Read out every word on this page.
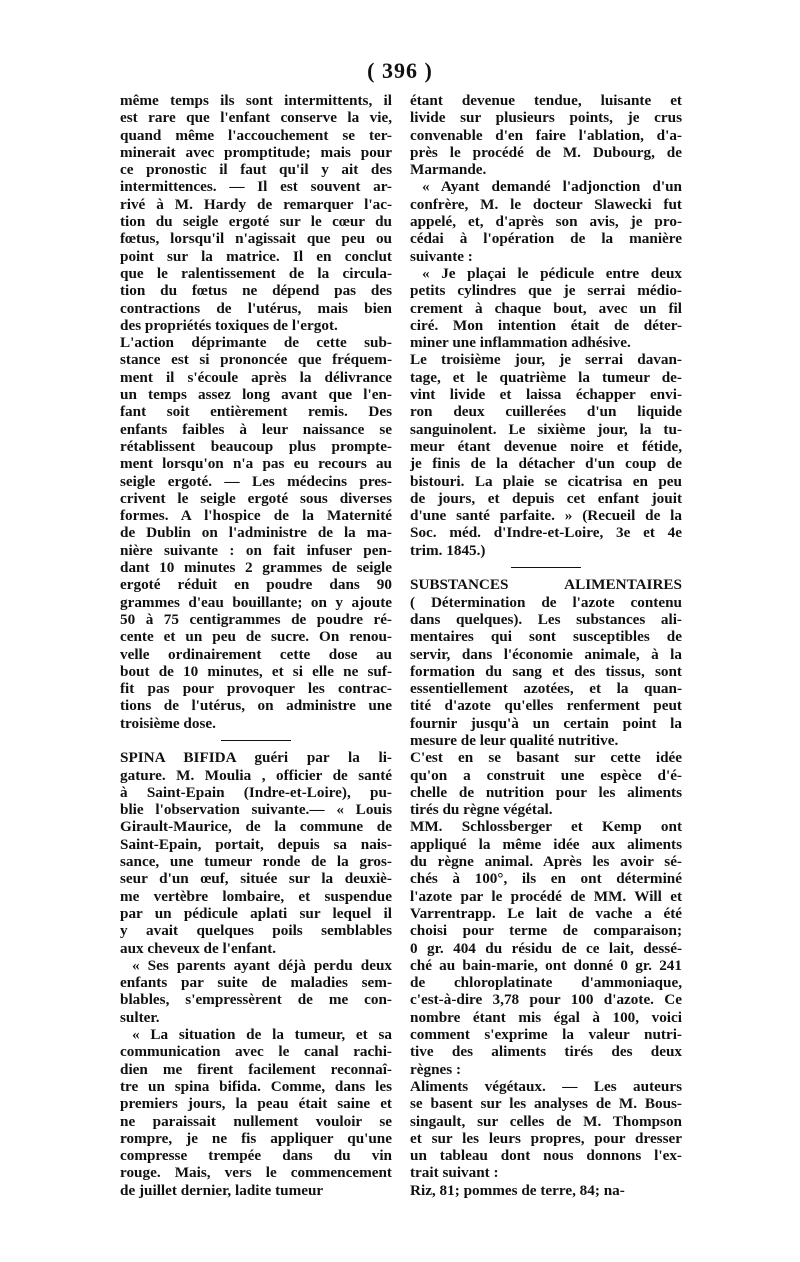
( 396 )
même temps ils sont intermittents, il
est rare que l'enfant conserve la vie,
quand même l'accouchement se ter-
minerait avec promptitude; mais pour
ce pronostic il faut qu'il y ait des
intermittences. — Il est souvent ar-
rivé à M. Hardy de remarquer l'ac-
tion du seigle ergoté sur le cœur du
fœtus, lorsqu'il n'agissait que peu ou
point sur la matrice. Il en conclut
que le ralentissement de la circula-
tion du fœtus ne dépend pas des
contractions de l'utérus, mais bien
des propriétés toxiques de l'ergot.
L'action déprimante de cette sub-
stance est si prononcée que fréquem-
ment il s'écoule après la délivrance
un temps assez long avant que l'en-
fant soit entièrement remis. Des
enfants faibles à leur naissance se
rétablissent beaucoup plus prompte-
ment lorsqu'on n'a pas eu recours au
seigle ergoté. — Les médecins pres-
crivent le seigle ergoté sous diverses
formes. A l'hospice de la Maternité
de Dublin on l'administre de la ma-
nière suivante : on fait infuser pen-
dant 10 minutes 2 grammes de seigle
ergoté réduit en poudre dans 90
grammes d'eau bouillante; on y ajoute
50 à 75 centigrammes de poudre ré-
cente et un peu de sucre. On renou-
velle ordinairement cette dose au
bout de 10 minutes, et si elle ne suf-
fit pas pour provoquer les contrac-
tions de l'utérus, on administre une
troisième dose.
SPINA BIFIDA guéri par la li-
gature. M. Moulia , officier de santé
à Saint-Epain (Indre-et-Loire), pu-
blie l'observation suivante.— « Louis
Girault-Maurice, de la commune de
Saint-Epain, portait, depuis sa nais-
sance, une tumeur ronde de la gros-
seur d'un œuf, située sur la deuxiè-
me vertèbre lombaire, et suspendue
par un pédicule aplati sur lequel il
y avait quelques poils semblables
aux cheveux de l'enfant.
« Ses parents ayant déjà perdu deux
enfants par suite de maladies sem-
blables, s'empressèrent de me con-
sulter.
« La situation de la tumeur, et sa
communication avec le canal rachi-
dien me firent facilement reconnaî-
tre un spina bifida. Comme, dans les
premiers jours, la peau était saine et
ne paraissait nullement vouloir se
rompre, je ne fis appliquer qu'une
compresse trempée dans du vin
rouge. Mais, vers le commencement
de juillet dernier, ladite tumeur
étant devenue tendue, luisante et
livide sur plusieurs points, je crus
convenable d'en faire l'ablation, d'a-
près le procédé de M. Dubourg, de
Marmande.
« Ayant demandé l'adjonction d'un
confrère, M. le docteur Slawecki fut
appelé, et, d'après son avis, je pro-
cédai à l'opération de la manière
suivante :
« Je plaçai le pédicule entre deux
petits cylindres que je serrai médio-
crement à chaque bout, avec un fil
ciré. Mon intention était de déter-
miner une inflammation adhésive.
Le troisième jour, je serrai davan-
tage, et le quatrième la tumeur de-
vint livide et laissa échapper envi-
ron deux cuillerées d'un liquide
sanguinolent. Le sixième jour, la tu-
meur étant devenue noire et fétide,
je finis de la détacher d'un coup de
bistouri. La plaie se cicatrisa en peu
de jours, et depuis cet enfant jouit
d'une santé parfaite. » (Recueil de la
Soc. méd. d'Indre-et-Loire, 3e et 4e
trim. 1845.)
SUBSTANCES ALIMENTAIRES
( Détermination de l'azote contenu
dans quelques). Les substances ali-
mentaires qui sont susceptibles de
servir, dans l'économie animale, à la
formation du sang et des tissus, sont
essentiellement azotées, et la quan-
tité d'azote qu'elles renferment peut
fournir jusqu'à un certain point la
mesure de leur qualité nutritive.
C'est en se basant sur cette idée
qu'on a construit une espèce d'é-
chelle de nutrition pour les aliments
tirés du règne végétal.
MM. Schlossberger et Kemp ont
appliqué la même idée aux aliments
du règne animal. Après les avoir sé-
chés à 100°, ils en ont déterminé
l'azote par le procédé de MM. Will et
Varrentrapp. Le lait de vache a été
choisi pour terme de comparaison;
0 gr. 404 du résidu de ce lait, dessé-
ché au bain-marie, ont donné 0 gr. 241
de chloroplatinate d'ammoniaque,
c'est-à-dire 3,78 pour 100 d'azote. Ce
nombre étant mis égal à 100, voici
comment s'exprime la valeur nutri-
tive des aliments tirés des deux
règnes :
Aliments végétaux. — Les auteurs
se basent sur les analyses de M. Bous-
singault, sur celles de M. Thompson
et sur les leurs propres, pour dresser
un tableau dont nous donnons l'ex-
trait suivant :
Riz, 81; pommes de terre, 84; na-
